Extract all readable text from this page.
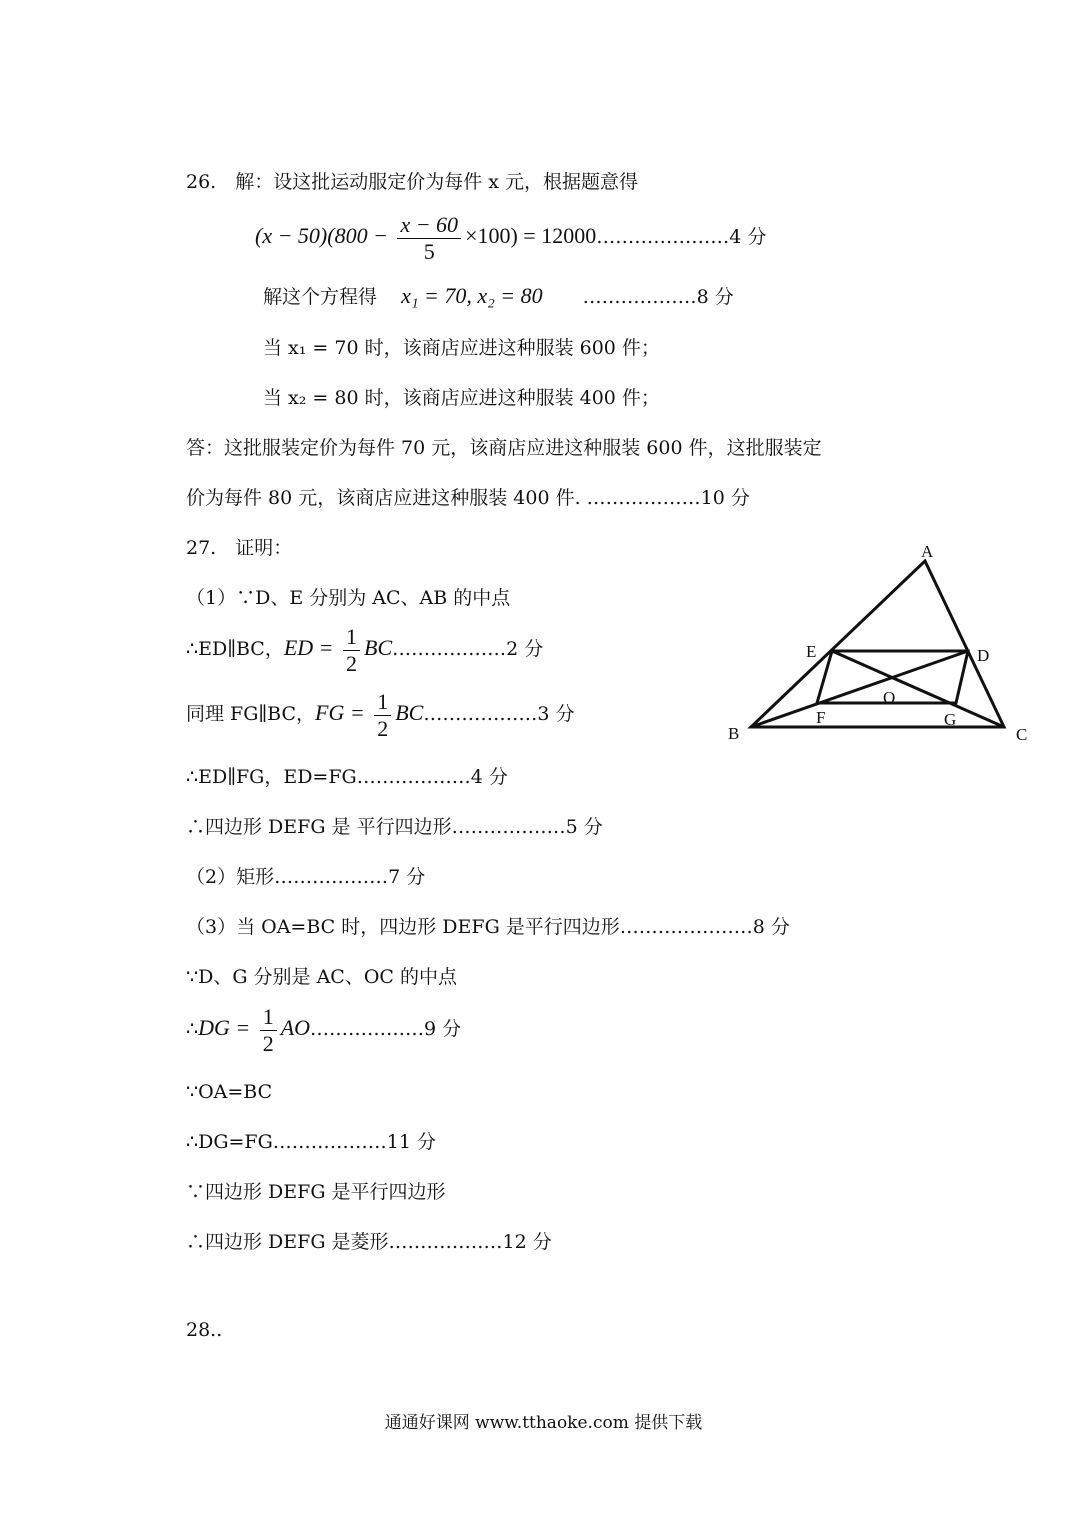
26.　解：设这批运动服定价为每件 x 元，根据题意得
$(x - 50)(800 - \frac{x - 60}{5} \times 100)$ = 12000…………………4 分
解这个方程得 x₁ = 70, x₂ = 80 ………………8 分
当 x₁ = 70 时，该商店应进这种服装 600 件；
当 x₂ = 80 时，该商店应进这种服装 400 件；
答：这批服装定价为每件 70 元，该商店应进这种服装 600 件，这批服装定
价为每件 80 元，该商店应进这种服装 400 件. ………………10 分
27.　证明：
（1）∵D、E 分别为 AC、AB 的中点
∴ED∥BC，ED = $\frac{1}{2}$ BC………………2 分
同理 FG∥BC，FG = $\frac{1}{2}$ BC………………3 分
∴ED∥FG，ED=FG………………4 分
∴四边形 DEFG 是 平行四边形………………5 分
（2）矩形………………7 分
（3）当 OA=BC 时，四边形 DEFG 是平行四边形…………………8 分
∵D、G 分别是 AC、OC 的中点
∴DG = $\frac{1}{2}$ AO………………9 分
∵OA=BC
∴DG=FG………………11 分
∵四边形 DEFG 是平行四边形
∴四边形 DEFG 是菱形………………12 分
28..
A
B	C
D
E
F	G
O
通通好课网 www.tthaoke.com 提供下载
